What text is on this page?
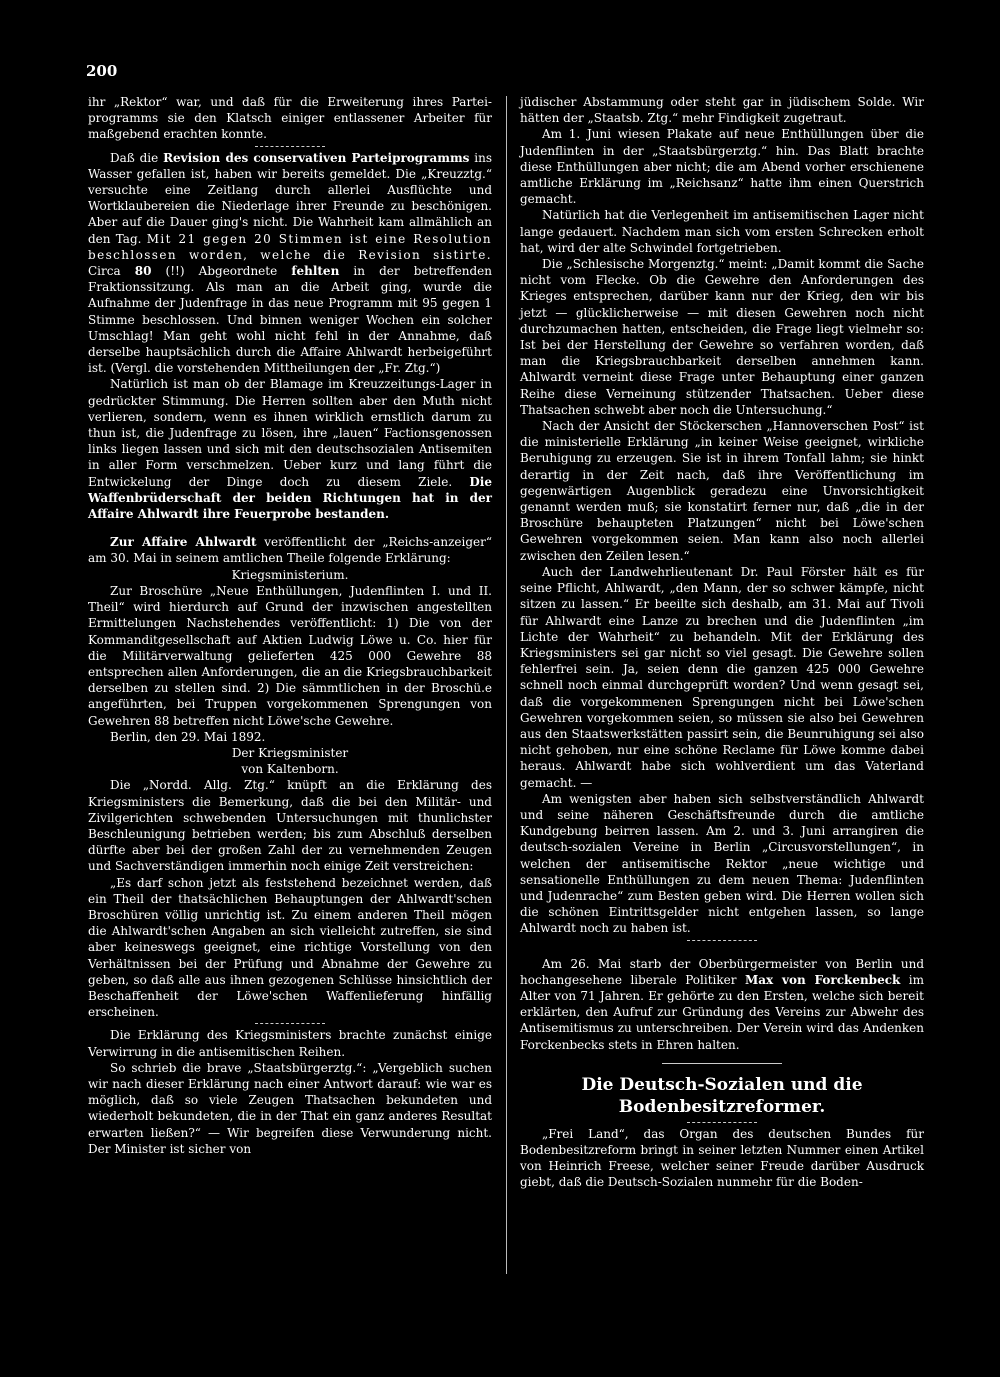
200

ihr „Rektor“ war, und daß für die Erweiterung ihres Partei-programms sie den Klatsch einiger entlassener Arbeiter für maßgebend erachten konnte.

Daß die Revision des conservativen Parteiprogramms ins Wasser gefallen ist, haben wir bereits gemeldet. Die „Kreuzztg.“ versuchte eine Zeitlang durch allerlei Ausflüchte und Wortklaubereien die Niederlage ihrer Freunde zu beschönigen. Aber auf die Dauer ging's nicht. Die Wahrheit kam allmählich an den Tag. Mit 21 gegen 20 Stimmen ist eine Resolution beschlossen worden, welche die Revision sistirte. Circa 80 (!!) Abgeordnete fehlten in der betreffenden Fraktionssitzung. Als man an die Arbeit ging, wurde die Aufnahme der Judenfrage in das neue Programm mit 95 gegen 1 Stimme beschlossen. Und binnen weniger Wochen ein solcher Umschlag! Man geht wohl nicht fehl in der Annahme, daß derselbe hauptsächlich durch die Affaire Ahlwardt herbeigeführt ist. (Vergl. die vorstehenden Mittheilungen der „Fr. Ztg.“)

Natürlich ist man ob der Blamage im Kreuzzeitungs-Lager in gedrückter Stimmung. Die Herren sollten aber den Muth nicht verlieren, sondern, wenn es ihnen wirklich ernstlich darum zu thun ist, die Judenfrage zu lösen, ihre „lauen“ Factionsgenossen links liegen lassen und sich mit den deutschsozialen Antisemiten in aller Form verschmelzen. Ueber kurz und lang führt die Entwickelung der Dinge doch zu diesem Ziele. Die Waffenbrüderschaft der beiden Richtungen hat in der Affaire Ahlwardt ihre Feuerprobe bestanden.

Zur Affaire Ahlwardt veröffentlicht der „Reichs-anzeiger“ am 30. Mai in seinem amtlichen Theile folgende Erklärung:

Kriegsministerium.

Zur Broschüre „Neue Enthüllungen, Judenflinten I. und II. Theil“ wird hierdurch auf Grund der inzwischen angestellten Ermittelungen Nachstehendes veröffentlicht: 1) Die von der Kommanditgesellschaft auf Aktien Ludwig Löwe u. Co. hier für die Militärverwaltung gelieferten 425 000 Gewehre 88 entsprechen allen Anforderungen, die an die Kriegsbrauchbarkeit derselben zu stellen sind. 2) Die sämmtlichen in der Broschü.e angeführten, bei Truppen vorgekommenen Sprengungen von Gewehren 88 betreffen nicht Löwe'sche Gewehre.

Berlin, den 29. Mai 1892.

Der Kriegsminister

von Kaltenborn.

Die „Nordd. Allg. Ztg.“ knüpft an die Erklärung des Kriegsministers die Bemerkung, daß die bei den Militär- und Zivilgerichten schwebenden Untersuchungen mit thunlichster Beschleunigung betrieben werden; bis zum Abschluß derselben dürfte aber bei der großen Zahl der zu vernehmenden Zeugen und Sachverständigen immerhin noch einige Zeit verstreichen:

„Es darf schon jetzt als feststehend bezeichnet werden, daß ein Theil der thatsächlichen Behauptungen der Ahlwardt'schen Broschüren völlig unrichtig ist. Zu einem anderen Theil mögen die Ahlwardt'schen Angaben an sich vielleicht zutreffen, sie sind aber keineswegs geeignet, eine richtige Vorstellung von den Verhältnissen bei der Prüfung und Abnahme der Gewehre zu geben, so daß alle aus ihnen gezogenen Schlüsse hinsichtlich der Beschaffenheit der Löwe'schen Waffenlieferung hinfällig erscheinen.

Die Erklärung des Kriegsministers brachte zunächst einige Verwirrung in die antisemitischen Reihen.

So schrieb die brave „Staatsbürgerztg.“: „Vergeblich suchen wir nach dieser Erklärung nach einer Antwort darauf: wie war es möglich, daß so viele Zeugen Thatsachen bekundeten und wiederholt bekundeten, die in der That ein ganz anderes Resultat erwarten ließen?“ — Wir begreifen diese Verwunderung nicht. Der Minister ist sicher von

jüdischer Abstammung oder steht gar in jüdischem Solde. Wir hätten der „Staatsb. Ztg.“ mehr Findigkeit zugetraut.

Am 1. Juni wiesen Plakate auf neue Enthüllungen über die Judenflinten in der „Staatsbürgerztg.“ hin. Das Blatt brachte diese Enthüllungen aber nicht; die am Abend vorher erschienene amtliche Erklärung im „Reichsanz“ hatte ihm einen Querstrich gemacht.

Natürlich hat die Verlegenheit im antisemitischen Lager nicht lange gedauert. Nachdem man sich vom ersten Schrecken erholt hat, wird der alte Schwindel fortgetrieben.

Die „Schlesische Morgenztg.“ meint: „Damit kommt die Sache nicht vom Flecke. Ob die Gewehre den Anforderungen des Krieges entsprechen, darüber kann nur der Krieg, den wir bis jetzt — glücklicherweise — mit diesen Gewehren noch nicht durchzumachen hatten, entscheiden, die Frage liegt vielmehr so: Ist bei der Herstellung der Gewehre so verfahren worden, daß man die Kriegsbrauchbarkeit derselben annehmen kann. Ahlwardt verneint diese Frage unter Behauptung einer ganzen Reihe diese Verneinung stützender Thatsachen. Ueber diese Thatsachen schwebt aber noch die Untersuchung.“

Nach der Ansicht der Stöckerschen „Hannoverschen Post“ ist die ministerielle Erklärung „in keiner Weise geeignet, wirkliche Beruhigung zu erzeugen. Sie ist in ihrem Tonfall lahm; sie hinkt derartig in der Zeit nach, daß ihre Veröffentlichung im gegenwärtigen Augenblick geradezu eine Unvorsichtigkeit genannt werden muß; sie konstatirt ferner nur, daß „die in der Broschüre behaupteten Platzungen“ nicht bei Löwe'schen Gewehren vorgekommen seien. Man kann also noch allerlei zwischen den Zeilen lesen.“

Auch der Landwehrlieutenant Dr. Paul Förster hält es für seine Pflicht, Ahlwardt, „den Mann, der so schwer kämpfe, nicht sitzen zu lassen.“ Er beeilte sich deshalb, am 31. Mai auf Tivoli für Ahlwardt eine Lanze zu brechen und die Judenflinten „im Lichte der Wahrheit“ zu behandeln. Mit der Erklärung des Kriegsministers sei gar nicht so viel gesagt. Die Gewehre sollen fehlerfrei sein. Ja, seien denn die ganzen 425 000 Gewehre schnell noch einmal durchgeprüft worden? Und wenn gesagt sei, daß die vorgekommenen Sprengungen nicht bei Löwe'schen Gewehren vorgekommen seien, so müssen sie also bei Gewehren aus den Staatswerkstätten passirt sein, die Beunruhigung sei also nicht gehoben, nur eine schöne Reclame für Löwe komme dabei heraus. Ahlwardt habe sich wohlverdient um das Vaterland gemacht. —

Am wenigsten aber haben sich selbstverständlich Ahlwardt und seine näheren Geschäftsfreunde durch die amtliche Kundgebung beirren lassen. Am 2. und 3. Juni arrangiren die deutsch-sozialen Vereine in Berlin „Circusvorstellungen“, in welchen der antisemitische Rektor „neue wichtige und sensationelle Enthüllungen zu dem neuen Thema: Judenflinten und Judenrache“ zum Besten geben wird. Die Herren wollen sich die schönen Eintrittsgelder nicht entgehen lassen, so lange Ahlwardt noch zu haben ist.

Am 26. Mai starb der Oberbürgermeister von Berlin und hochangesehene liberale Politiker Max von Forckenbeck im Alter von 71 Jahren. Er gehörte zu den Ersten, welche sich bereit erklärten, den Aufruf zur Gründung des Vereins zur Abwehr des Antisemitismus zu unterschreiben. Der Verein wird das Andenken Forckenbecks stets in Ehren halten.

Die Deutsch-Sozialen und die Bodenbesitzreformer.

„Frei Land“, das Organ des deutschen Bundes für Bodenbesitzreform bringt in seiner letzten Nummer einen Artikel von Heinrich Freese, welcher seiner Freude darüber Ausdruck giebt, daß die Deutsch-Sozialen nunmehr für die Boden-
